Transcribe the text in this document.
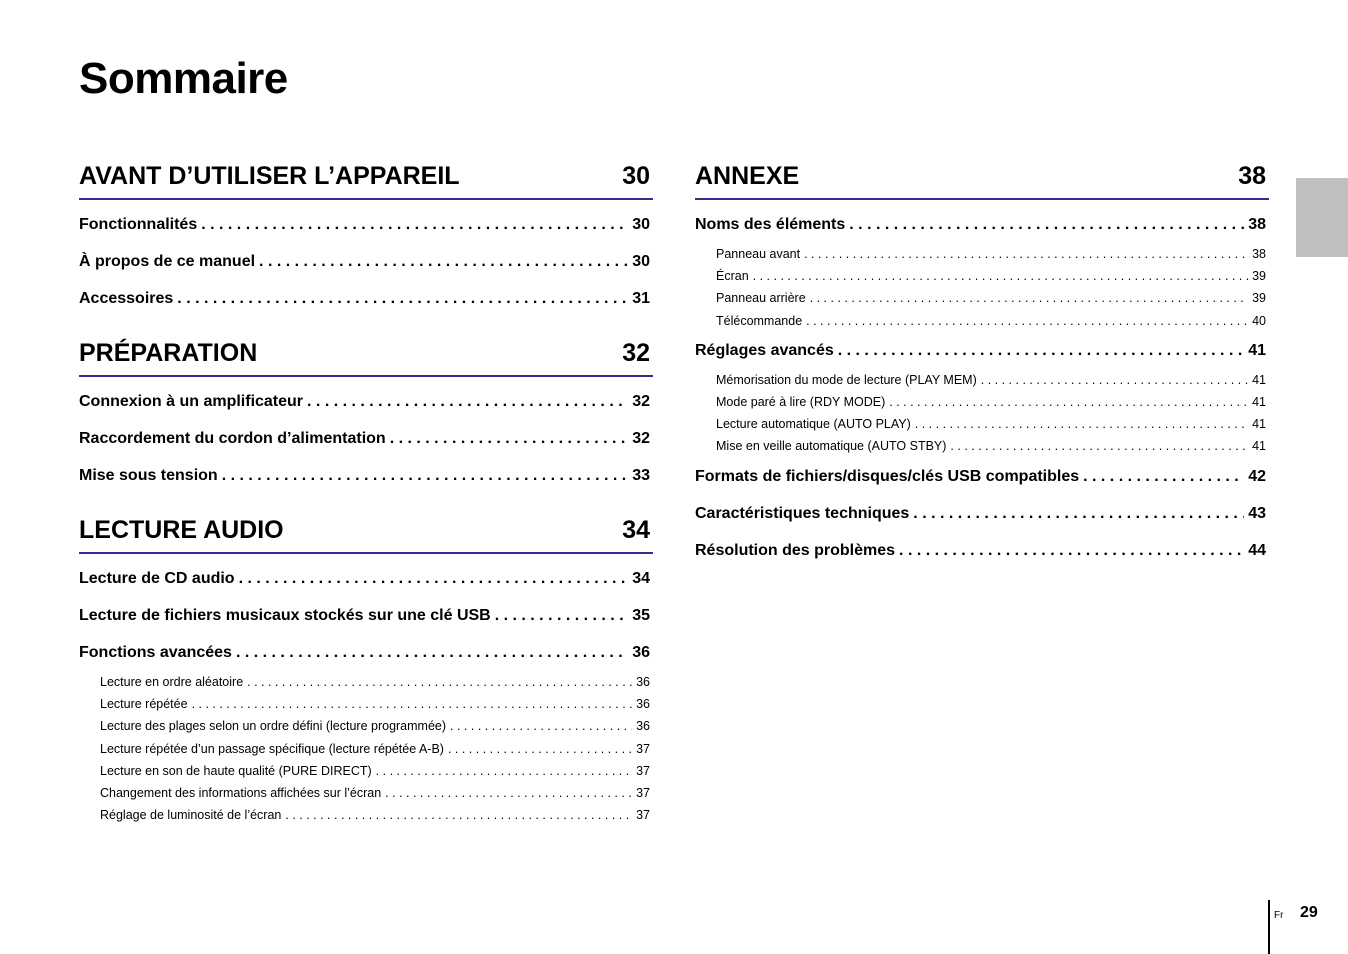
Sommaire
AVANT D’UTILISER L’APPAREIL	30
Fonctionnalités . . .	30
À propos de ce manuel . . .	30
Accessoires . . .	31
PRÉPARATION	32
Connexion à un amplificateur . . .	32
Raccordement du cordon d’alimentation . . .	32
Mise sous tension . . .	33
LECTURE AUDIO	34
Lecture de CD audio . . .	34
Lecture de fichiers musicaux stockés sur une clé USB . . .	35
Fonctions avancées . . .	36
Lecture en ordre aléatoire . . .	36
Lecture répétée . . .	36
Lecture des plages selon un ordre défini (lecture programmée) . . .	36
Lecture répétée d’un passage spécifique (lecture répétée A-B) . . .	37
Lecture en son de haute qualité (PURE DIRECT) . . .	37
Changement des informations affichées sur l’écran . . .	37
Réglage de luminosité de l’écran . . .	37
ANNEXE	38
Noms des éléments . . .	38
Panneau avant . . .	38
Écran . . .	39
Panneau arrière . . .	39
Télécommande . . .	40
Réglages avancés . . .	41
Mémorisation du mode de lecture (PLAY MEM) . . .	41
Mode paré à lire (RDY MODE) . . .	41
Lecture automatique (AUTO PLAY) . . .	41
Mise en veille automatique (AUTO STBY) . . .	41
Formats de fichiers/disques/clés USB compatibles . . .	42
Caractéristiques techniques . . .	43
Résolution des problèmes . . .	44
Fr 29
